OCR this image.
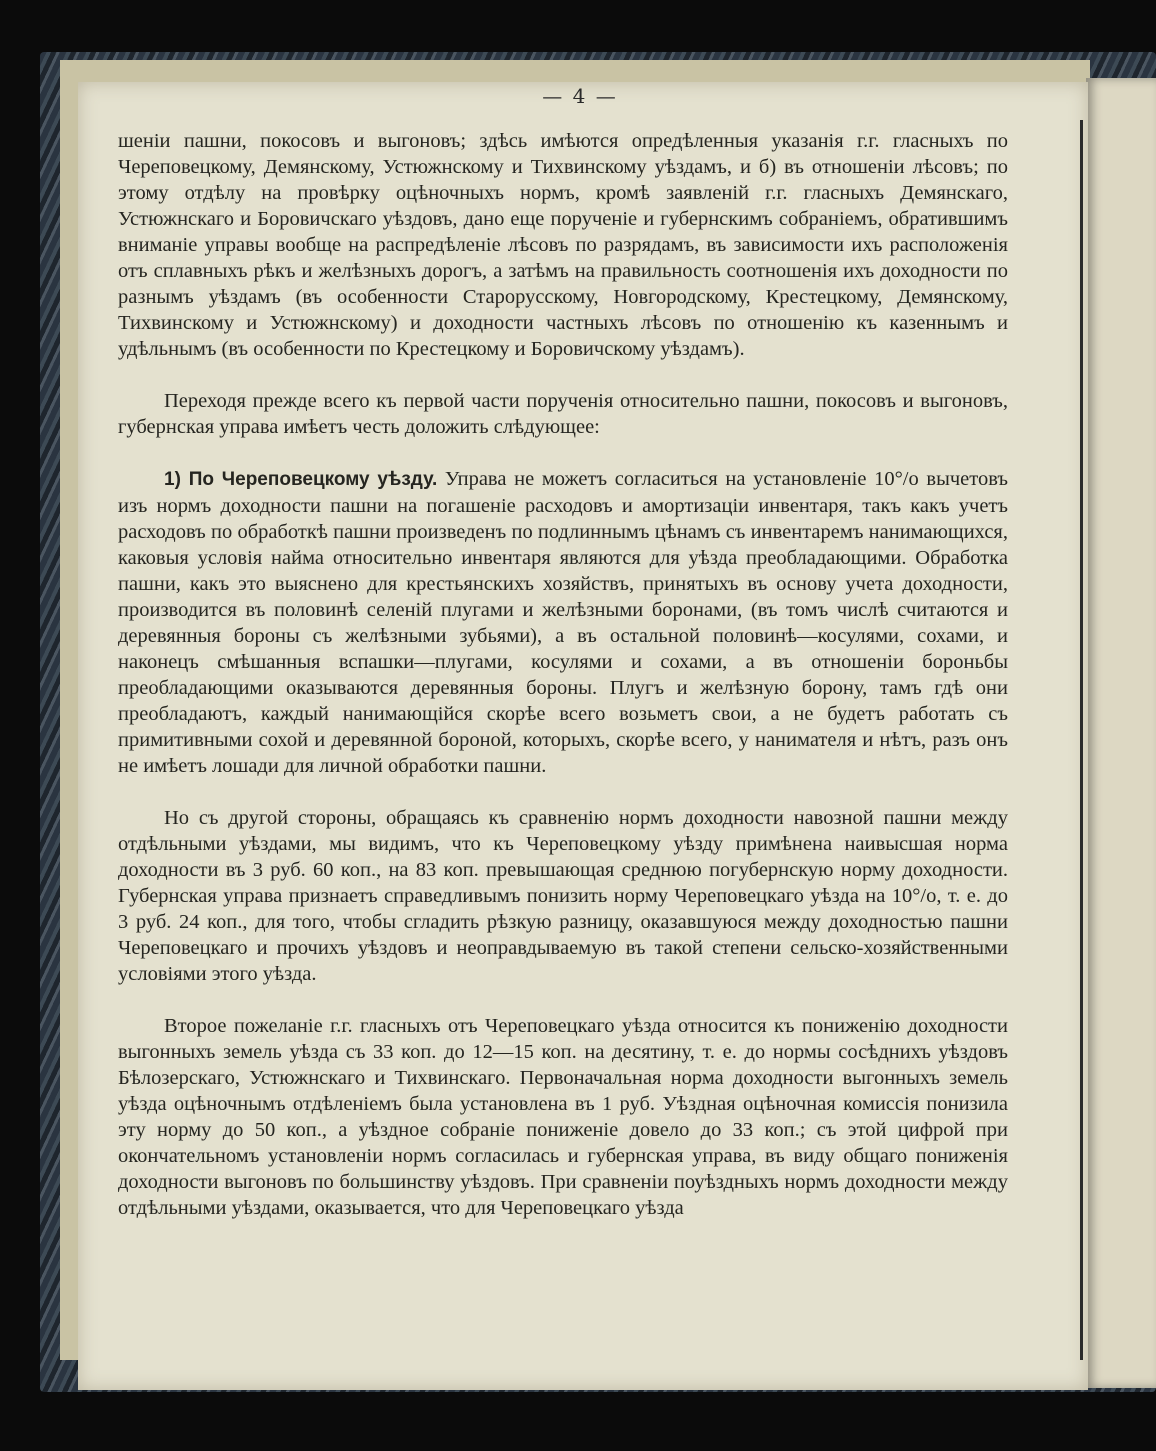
— 4 —

шеніи пашни, покосовъ и выгоновъ; здѣсь имѣются опредѣленныя указанія г.г. гласныхъ по Череповецкому, Демянскому, Устюжнскому и Тихвинскому уѣздамъ, и б) въ отношеніи лѣсовъ; по этому отдѣлу на провѣрку оцѣночныхъ нормъ, кромѣ заявленій г.г. гласныхъ Демянскаго, Устюжнскаго и Боровичскаго уѣздовъ, дано еще порученіе и губернскимъ собраніемъ, обратившимъ вниманіе управы вообще на распредѣленіе лѣсовъ по разрядамъ, въ зависимости ихъ расположенія отъ сплавныхъ рѣкъ и желѣзныхъ дорогъ, а затѣмъ на правильность соотношенія ихъ доходности по разнымъ уѣздамъ (въ особенности Старорусскому, Новгородскому, Крестецкому, Демянскому, Тихвинскому и Устюжнскому) и доходности частныхъ лѣсовъ по отношенію къ казеннымъ и удѣльнымъ (въ особенности по Крестецкому и Боровичскому уѣздамъ).

Переходя прежде всего къ первой части порученія относительно пашни, покосовъ и выгоновъ, губернская управа имѣетъ честь доложить слѣдующее:

1) По Череповецкому уѣзду. Управа не можетъ согласиться на установленіе 10°/о вычетовъ изъ нормъ доходности пашни на погашеніе расходовъ и амортизаціи инвентаря, такъ какъ учетъ расходовъ по обработкѣ пашни произведенъ по подлиннымъ цѣнамъ съ инвентаремъ нанимающихся, каковыя условія найма относительно инвентаря являются для уѣзда преобладающими. Обработка пашни, какъ это выяснено для крестьянскихъ хозяйствъ, принятыхъ въ основу учета доходности, производится въ половинѣ селеній плугами и желѣзными боронами, (въ томъ числѣ считаются и деревянныя бороны съ желѣзными зубьями), а въ остальной половинѣ—косулями, сохами, и наконецъ смѣшанныя вспашки—плугами, косулями и сохами, а въ отношеніи бороньбы преобладающими оказываются деревянныя бороны. Плугъ и желѣзную борону, тамъ гдѣ они преобладаютъ, каждый нанимающійся скорѣе всего возьметъ свои, а не будетъ работать съ примитивными сохой и деревянной бороной, которыхъ, скорѣе всего, у нанимателя и нѣтъ, разъ онъ не имѣетъ лошади для личной обработки пашни.

Но съ другой стороны, обращаясь къ сравненію нормъ доходности навозной пашни между отдѣльными уѣздами, мы видимъ, что къ Череповецкому уѣзду примѣнена наивысшая норма доходности въ 3 руб. 60 коп., на 83 коп. превышающая среднюю погубернскую норму доходности. Губернская управа признаетъ справедливымъ понизить норму Череповецкаго уѣзда на 10°/о, т. е. до 3 руб. 24 коп., для того, чтобы сгладить рѣзкую разницу, оказавшуюся между доходностью пашни Череповецкаго и прочихъ уѣздовъ и неоправдываемую въ такой степени сельско-хозяйственными условіями этого уѣзда.

Второе пожеланіе г.г. гласныхъ отъ Череповецкаго уѣзда относится къ пониженію доходности выгонныхъ земель уѣзда съ 33 коп. до 12—15 коп. на десятину, т. е. до нормы сосѣднихъ уѣздовъ Бѣлозерскаго, Устюжнскаго и Тихвинскаго. Первоначальная норма доходности выгонныхъ земель уѣзда оцѣночнымъ отдѣленіемъ была установлена въ 1 руб. Уѣздная оцѣночная комиссія понизила эту норму до 50 коп., а уѣздное собраніе пониженіе довело до 33 коп.; съ этой цифрой при окончательномъ установленіи нормъ согласилась и губернская управа, въ виду общаго пониженія доходности выгоновъ по большинству уѣздовъ. При сравненіи поуѣздныхъ нормъ доходности между отдѣльными уѣздами, оказывается, что для Череповецкаго уѣзда
